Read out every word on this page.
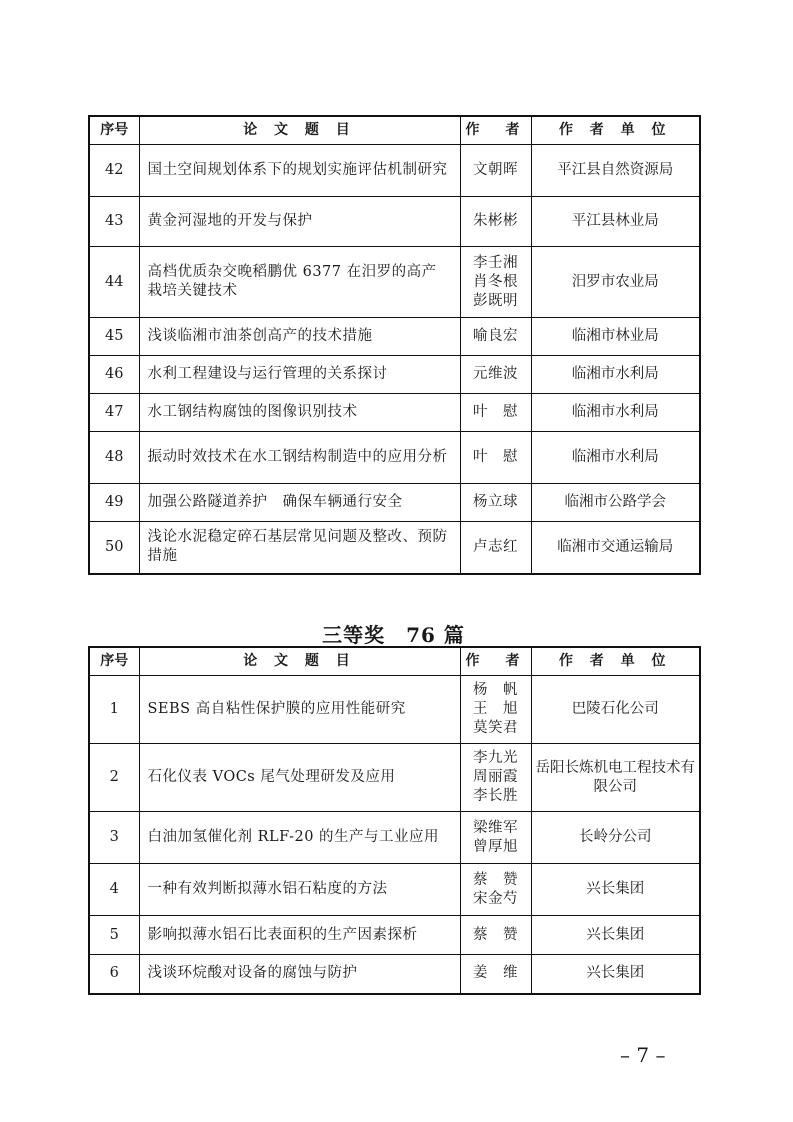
序号	论 文 题 目	作　者	作 者 单 位
42	国土空间规划体系下的规划实施评估机制研究	文朝晖	平江县自然资源局
43	黄金河湿地的开发与保护	朱彬彬	平江县林业局
44	高档优质杂交晚稻鹏优 6377 在汨罗的高产栽培关键技术	李壬湘
肖冬根
彭既明	汨罗市农业局
45	浅谈临湘市油茶创高产的技术措施	喻良宏	临湘市林业局
46	水利工程建设与运行管理的关系探讨	元维波	临湘市水利局
47	水工钢结构腐蚀的图像识别技术	叶　慰	临湘市水利局
48	振动时效技术在水工钢结构制造中的应用分析	叶　慰	临湘市水利局
49	加强公路隧道养护　确保车辆通行安全	杨立球	临湘市公路学会
50	浅论水泥稳定碎石基层常见问题及整改、预防措施	卢志红	临湘市交通运输局
三等奖　76 篇
序号	论 文 题 目	作　者	作 者 单 位
1	SEBS 高自粘性保护膜的应用性能研究	杨　帆
王　旭
莫笑君	巴陵石化公司
2	石化仪表 VOCs 尾气处理研发及应用	李九光
周丽霞
李长胜	岳阳长炼机电工程技术有限公司
3	白油加氢催化剂 RLF-20 的生产与工业应用	梁维军
曾厚旭	长岭分公司
4	一种有效判断拟薄水铝石粘度的方法	蔡　赞
宋金芍	兴长集团
5	影响拟薄水铝石比表面积的生产因素探析	蔡　赞	兴长集团
6	浅谈环烷酸对设备的腐蚀与防护	姜　维	兴长集团
– 7 –
